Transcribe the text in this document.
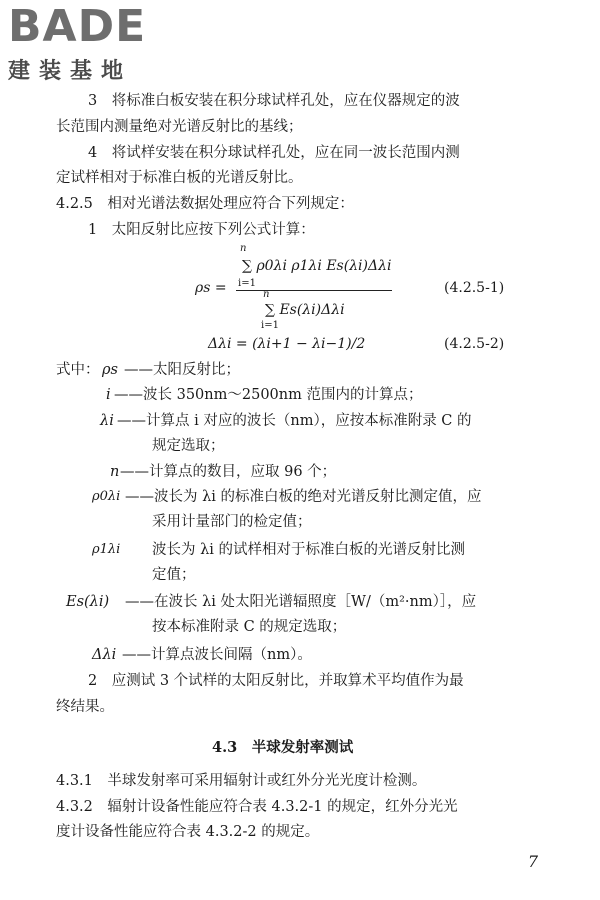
BADE
建装基地
3　将标准白板安装在积分球试样孔处，应在仪器规定的波
长范围内测量绝对光谱反射比的基线；
4　将试样安装在积分球试样孔处，应在同一波长范围内测
定试样相对于标准白板的光谱反射比。
4.2.5　相对光谱法数据处理应符合下列规定：
1　太阳反射比应按下列公式计算：
n
∑ ρ0λi ρ1λi Es(λi)Δλi
i=1
ρs =	n
∑ Es(λi)Δλi
i=1
(4.2.5-1)
Δλi = (λi+1 − λi−1)/2	(4.2.5-2)
式中： ρs ——太阳反射比；
i ——波长 350nm～2500nm 范围内的计算点；
λi ——计算点 i 对应的波长（nm），应按本标准附录 C 的
规定选取；
n ——计算点的数目，应取 96 个；
ρ0λi ——波长为 λi 的标准白板的绝对光谱反射比测定值，应
采用计量部门的检定值；
ρ1λi 波长为 λi 的试样相对于标准白板的光谱反射比测
定值；
Es(λi) ——在波长 λi 处太阳光谱辐照度［W/（m²·nm）］，应
按本标准附录 C 的规定选取；
Δλi ——计算点波长间隔（nm）。
2　应测试 3 个试样的太阳反射比，并取算术平均值作为最
终结果。
4.3　半球发射率测试
4.3.1　半球发射率可采用辐射计或红外分光光度计检测。
4.3.2　辐射计设备性能应符合表 4.3.2-1 的规定，红外分光光
度计设备性能应符合表 4.3.2-2 的规定。
7
